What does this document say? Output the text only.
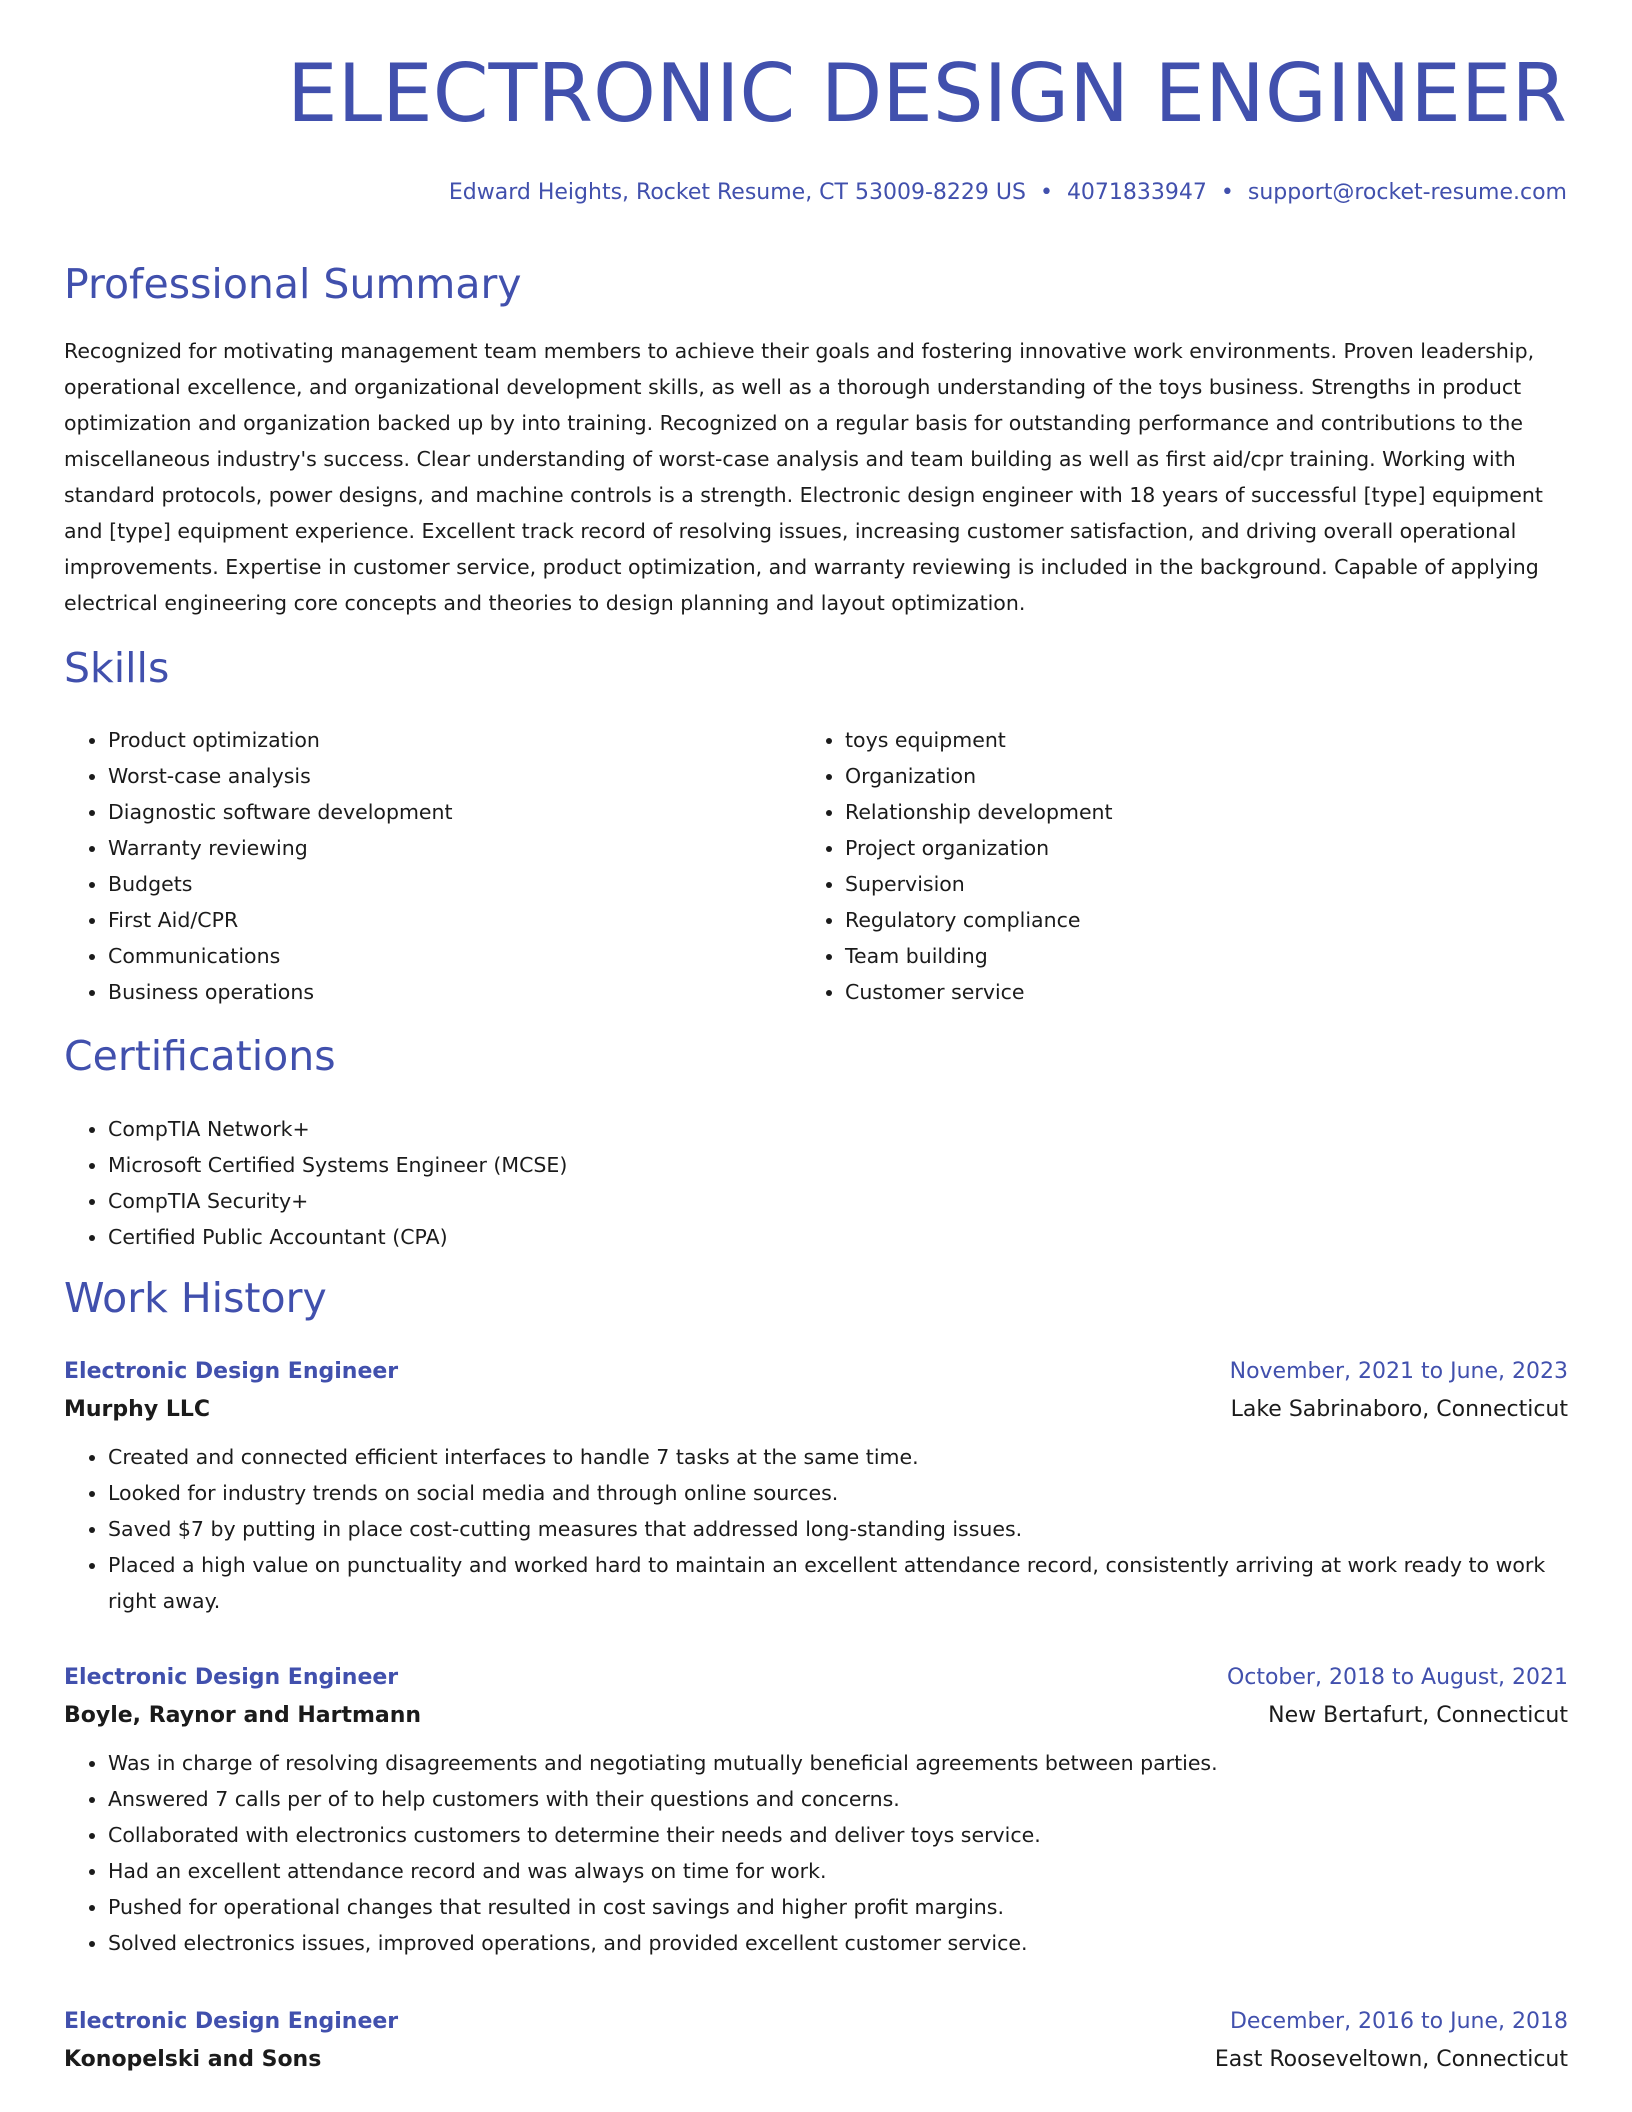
ELECTRONIC DESIGN ENGINEER
Edward Heights, Rocket Resume, CT 53009-8229 US • 4071833947 • support@rocket-resume.com
Professional Summary

Recognized for motivating management team members to achieve their goals and fostering innovative work environments. Proven leadership, operational excellence, and organizational development skills, as well as a thorough understanding of the toys business. Strengths in product optimization and organization backed up by into training. Recognized on a regular basis for outstanding performance and contributions to the miscellaneous industry's success. Clear understanding of worst-case analysis and team building as well as first aid/cpr training. Working with standard protocols, power designs, and machine controls is a strength. Electronic design engineer with 18 years of successful [type] equipment and [type] equipment experience. Excellent track record of resolving issues, increasing customer satisfaction, and driving overall operational improvements. Expertise in customer service, product optimization, and warranty reviewing is included in the background. Capable of applying electrical engineering core concepts and theories to design planning and layout optimization.

Skills
• Product optimization
• Worst-case analysis
• Diagnostic software development
• Warranty reviewing
• Budgets
• First Aid/CPR
• Communications
• Business operations
• toys equipment
• Organization
• Relationship development
• Project organization
• Supervision
• Regulatory compliance
• Team building
• Customer service
Certifications
• CompTIA Network+
• Microsoft Certified Systems Engineer (MCSE)
• CompTIA Security+
• Certified Public Accountant (CPA)
Work History
Electronic Design Engineer	November, 2021 to June, 2023
Murphy LLC	Lake Sabrinaboro, Connecticut
• Created and connected efficient interfaces to handle 7 tasks at the same time.
• Looked for industry trends on social media and through online sources.
• Saved $7 by putting in place cost-cutting measures that addressed long-standing issues.
• Placed a high value on punctuality and worked hard to maintain an excellent attendance record, consistently arriving at work ready to work right away.
Electronic Design Engineer	October, 2018 to August, 2021
Boyle, Raynor and Hartmann	New Bertafurt, Connecticut
• Was in charge of resolving disagreements and negotiating mutually beneficial agreements between parties.
• Answered 7 calls per of to help customers with their questions and concerns.
• Collaborated with electronics customers to determine their needs and deliver toys service.
• Had an excellent attendance record and was always on time for work.
• Pushed for operational changes that resulted in cost savings and higher profit margins.
• Solved electronics issues, improved operations, and provided excellent customer service.
Electronic Design Engineer	December, 2016 to June, 2018
Konopelski and Sons	East Rooseveltown, Connecticut
